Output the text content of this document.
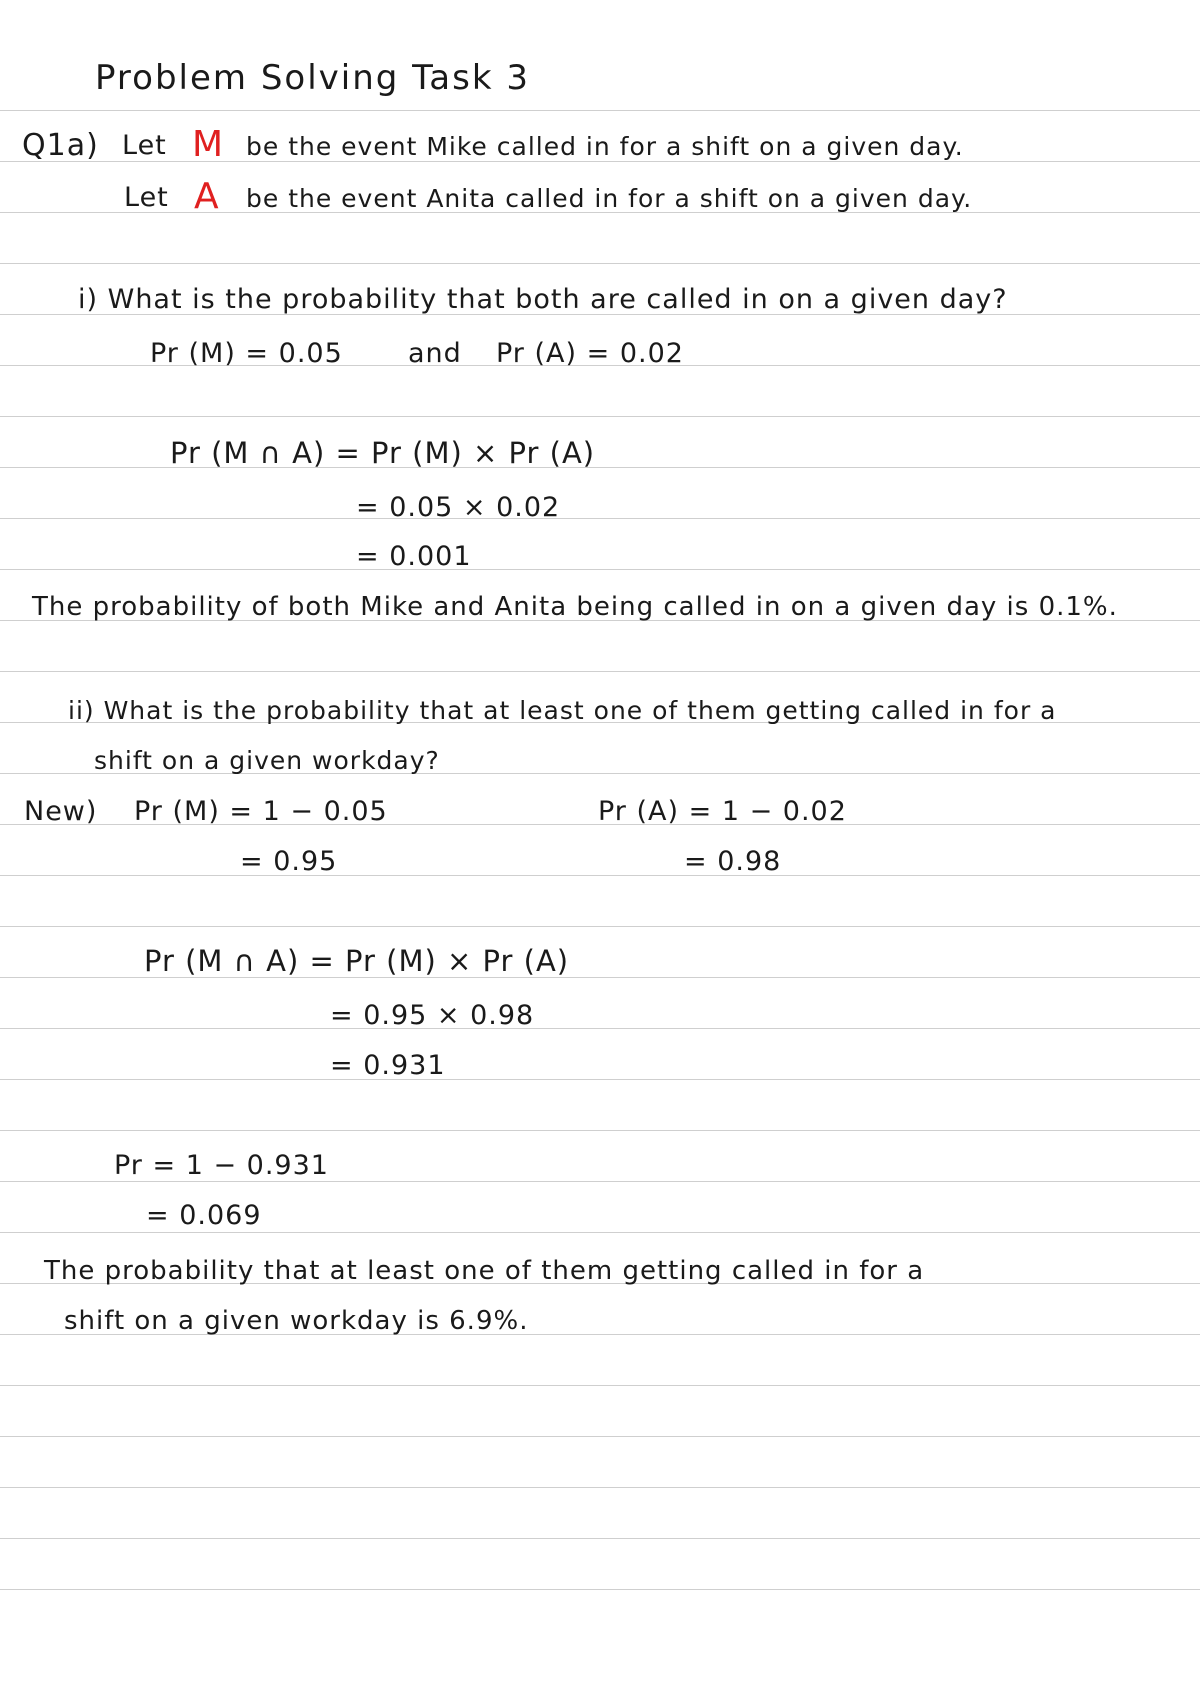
Problem Solving Task 3
Q1a) Let M be the event Mike called in for a shift on a given day.
Let A be the event Anita called in for a shift on a given day.
i) What is the probability that both are called in on a given day?
Pr (M) = 0.05 and Pr (A) = 0.02
Pr (M ∩ A) = Pr (M) × Pr (A)
= 0.05 × 0.02
= 0.001
The probability of both Mike and Anita being called in on a given day is 0.1%.
ii) What is the probability that at least one of them getting called in for a
shift on a given workday?
New) Pr (M) = 1 − 0.05
= 0.95
Pr (A) = 1 − 0.02
= 0.98
Pr (M ∩ A) = Pr (M) × Pr (A)
= 0.95 × 0.98
= 0.931
Pr = 1 − 0.931
= 0.069
The probability that at least one of them getting called in for a
shift on a given workday is 6.9%.
